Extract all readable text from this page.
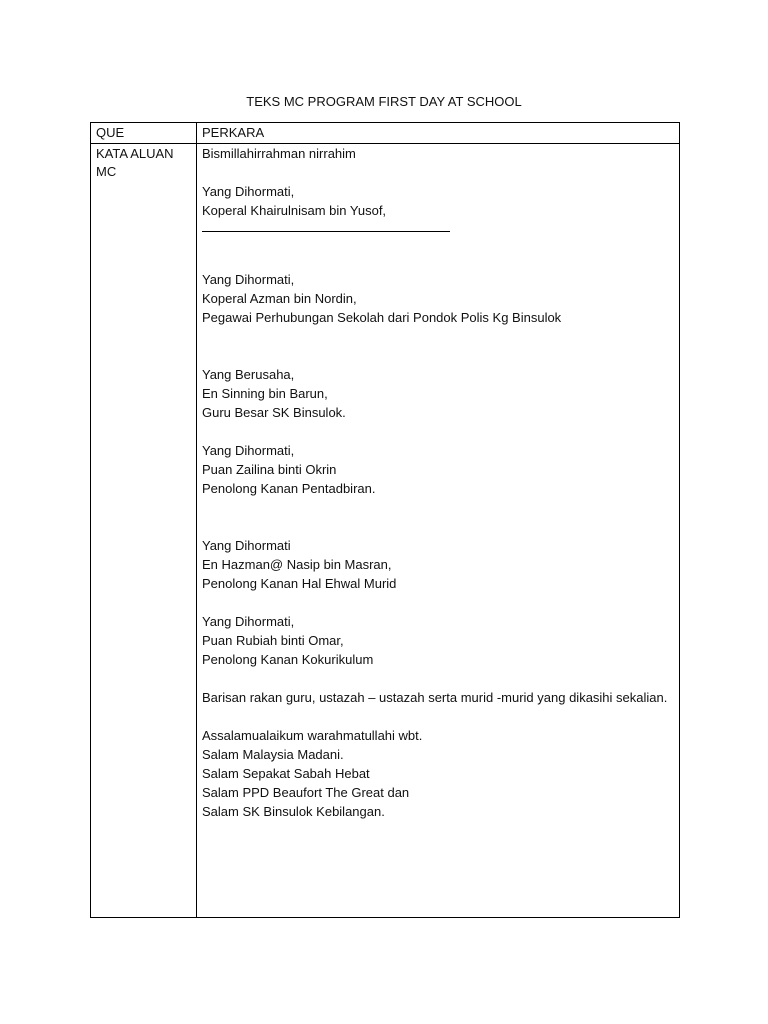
TEKS MC PROGRAM FIRST DAY AT SCHOOL
QUE	PERKARA
KATA ALUAN MC
Bismillahirrahman nirrahim
Yang Dihormati,
Koperal Khairulnisam bin Yusof,
Yang Dihormati,
Koperal Azman bin Nordin,
Pegawai Perhubungan Sekolah dari Pondok Polis Kg Binsulok
Yang Berusaha,
En Sinning bin Barun,
Guru Besar SK Binsulok.
Yang Dihormati,
Puan Zailina binti Okrin
Penolong Kanan Pentadbiran.
Yang Dihormati
En Hazman@ Nasip bin Masran,
Penolong Kanan Hal Ehwal Murid
Yang Dihormati,
Puan Rubiah binti Omar,
Penolong Kanan Kokurikulum
Barisan rakan guru, ustazah – ustazah serta murid -murid yang dikasihi sekalian.
Assalamualaikum warahmatullahi wbt.
Salam Malaysia Madani.
Salam Sepakat Sabah Hebat
Salam PPD Beaufort The Great dan
Salam SK Binsulok Kebilangan.
